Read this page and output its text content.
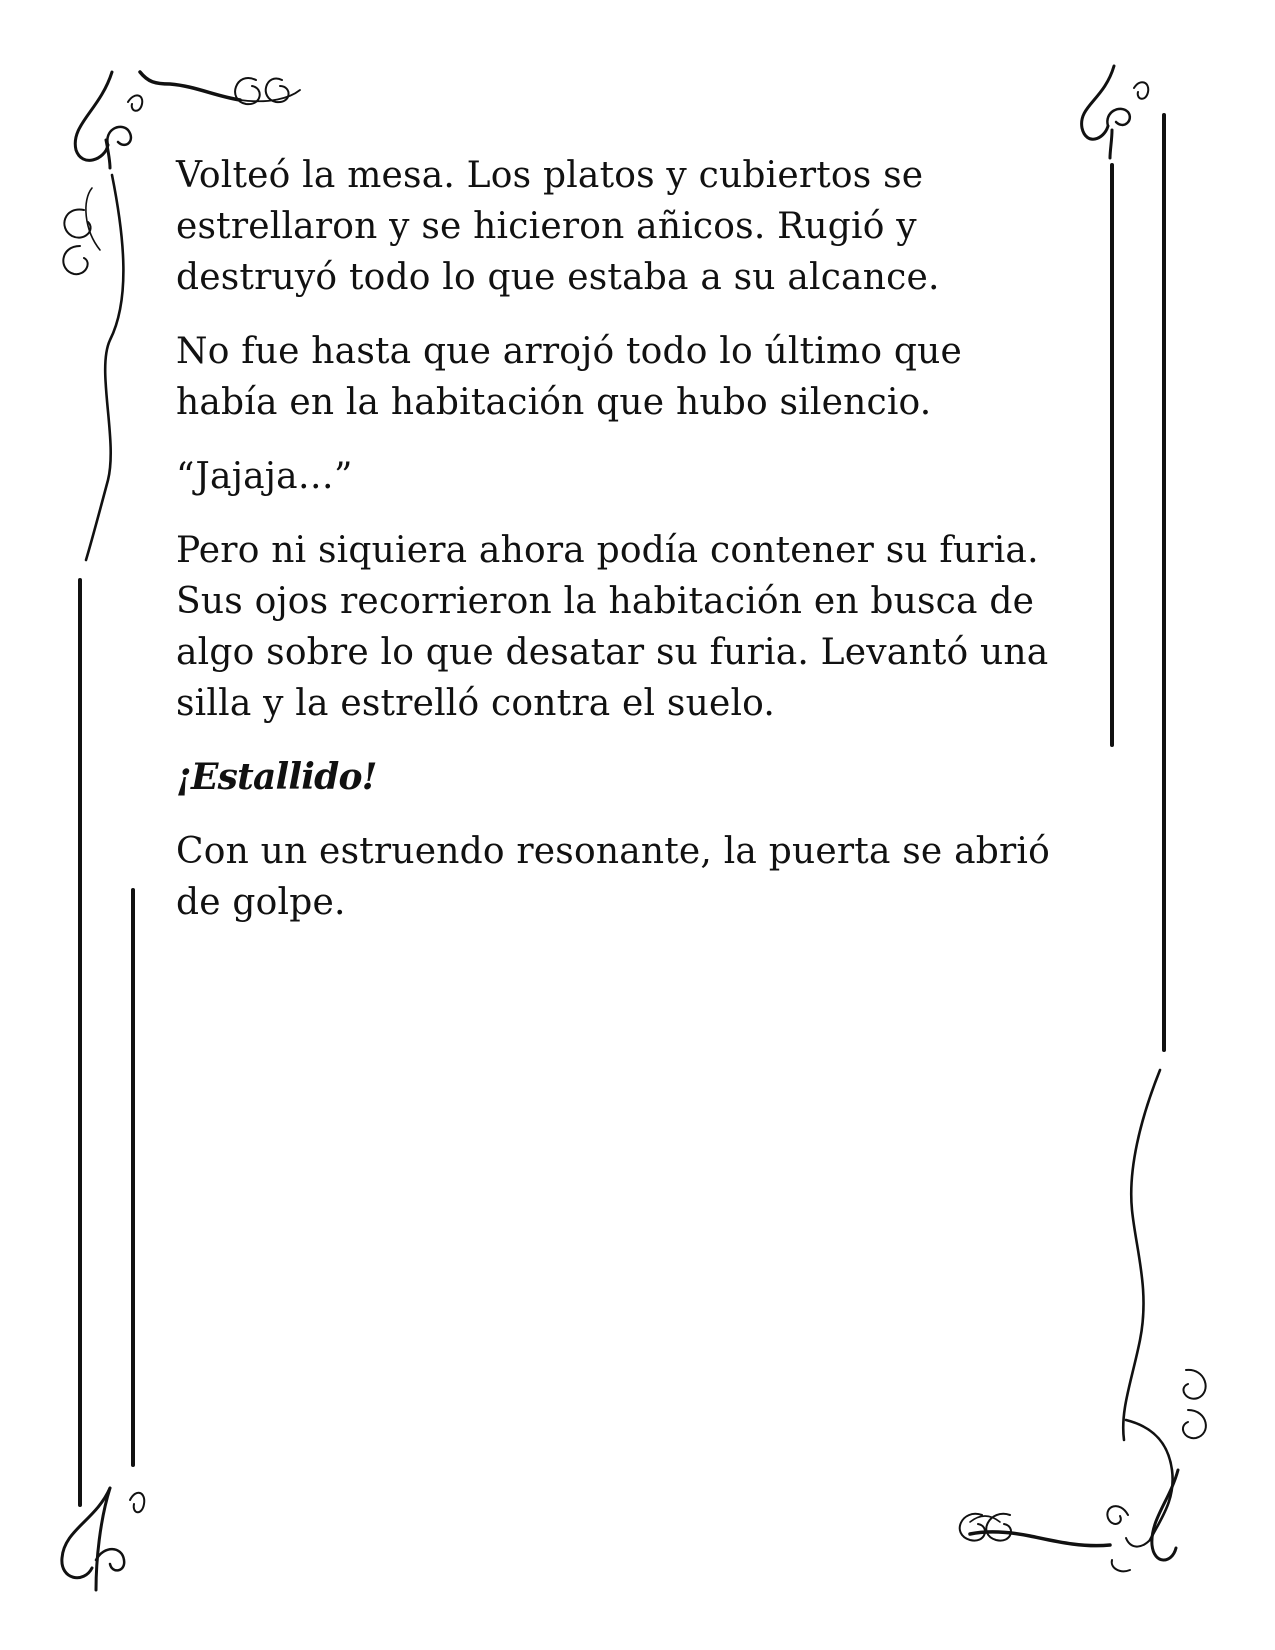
Volteó la mesa. Los platos y cubiertos se
estrellaron y se hicieron añicos. Rugió y
destruyó todo lo que estaba a su alcance.

No fue hasta que arrojó todo lo último que
había en la habitación que hubo silencio.

“Jajaja…”

Pero ni siquiera ahora podía contener su furia.
Sus ojos recorrieron la habitación en busca de
algo sobre lo que desatar su furia. Levantó una
silla y la estrelló contra el suelo.

¡Estallido!

Con un estruendo resonante, la puerta se abrió
de golpe.
